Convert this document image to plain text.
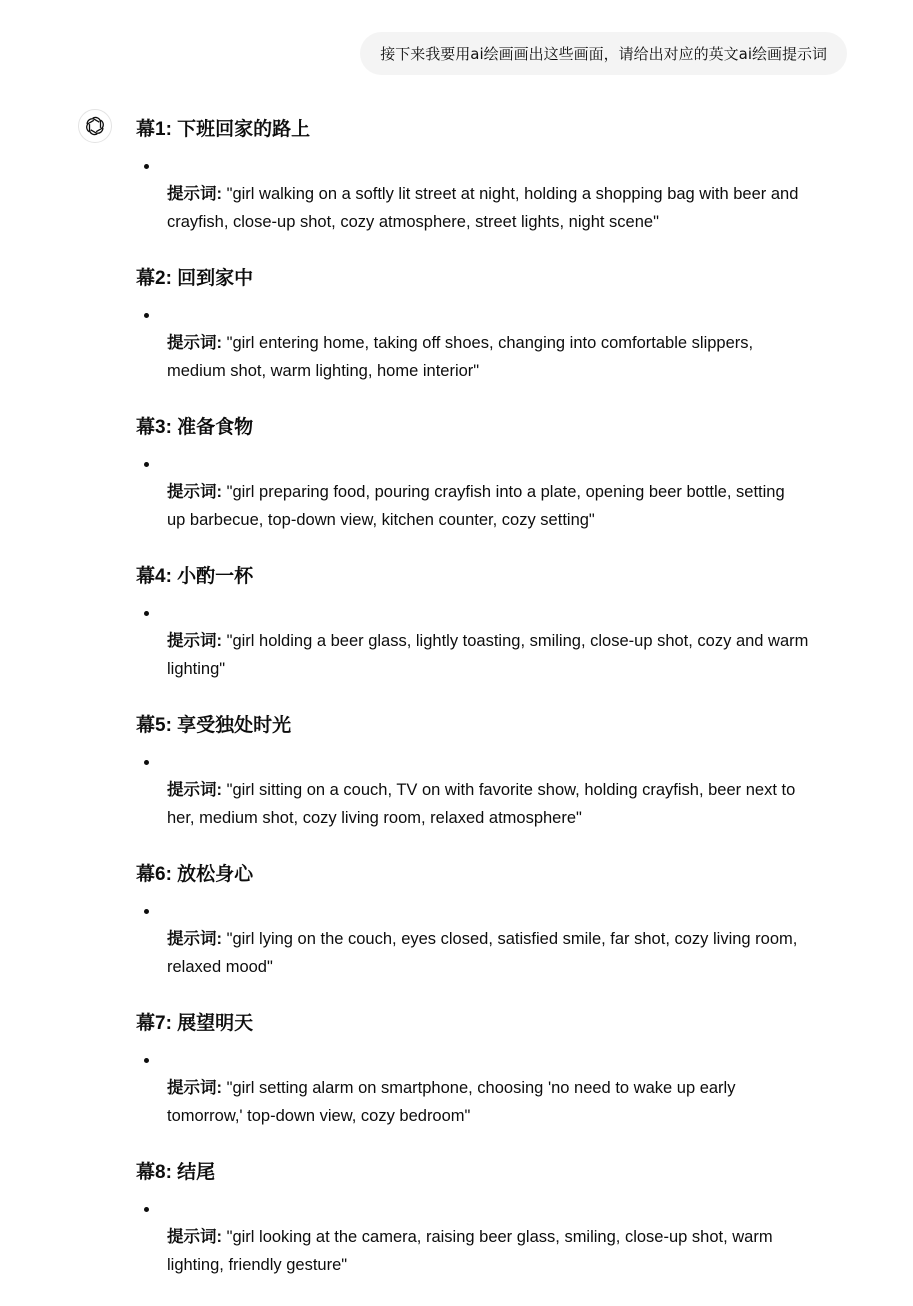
接下来我要用ai绘画画出这些画面，请给出对应的英文ai绘画提示词
幕1: 下班回家的路上

提示词: "girl walking on a softly lit street at night, holding a shopping bag with beer and
crayfish, close-up shot, cozy atmosphere, street lights, night scene"

幕2: 回到家中

提示词: "girl entering home, taking off shoes, changing into comfortable slippers,
medium shot, warm lighting, home interior"

幕3: 准备食物

提示词: "girl preparing food, pouring crayfish into a plate, opening beer bottle, setting
up barbecue, top-down view, kitchen counter, cozy setting"

幕4: 小酌一杯

提示词: "girl holding a beer glass, lightly toasting, smiling, close-up shot, cozy and warm
lighting"

幕5: 享受独处时光

提示词: "girl sitting on a couch, TV on with favorite show, holding crayfish, beer next to
her, medium shot, cozy living room, relaxed atmosphere"

幕6: 放松身心

提示词: "girl lying on the couch, eyes closed, satisfied smile, far shot, cozy living room,
relaxed mood"

幕7: 展望明天

提示词: "girl setting alarm on smartphone, choosing 'no need to wake up early
tomorrow,' top-down view, cozy bedroom"

幕8: 结尾

提示词: "girl looking at the camera, raising beer glass, smiling, close-up shot, warm
lighting, friendly gesture"
